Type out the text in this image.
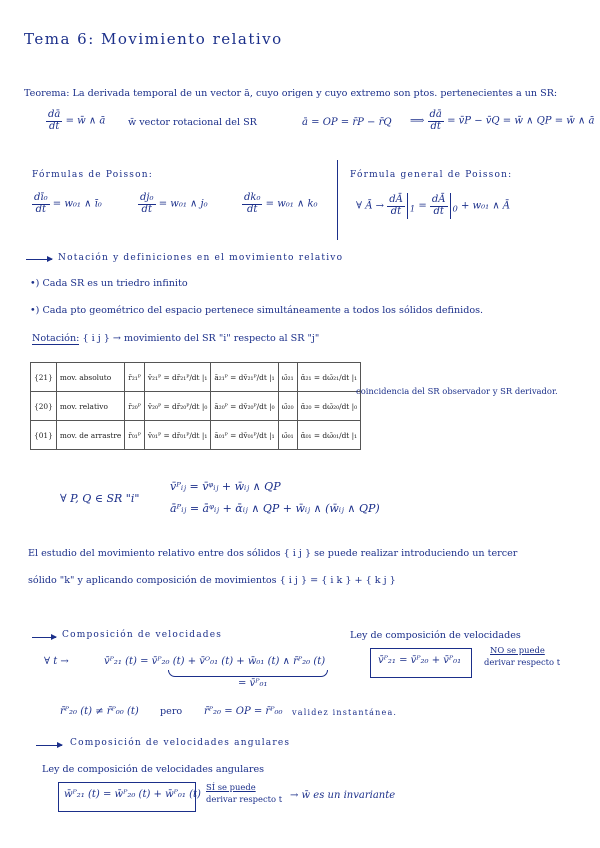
Tema 6: Movimiento relativo
Teorema: La derivada temporal de un vector ā, cuyo origen y cuyo extremo son ptos. pertenecientes a un SR:
$\frac{dā}{dt}$ = w̄ ∧ ā w̄ vector rotacional del SR	ā = OP = r̄P − r̄Q ⟹ $\frac{dā}{dt}$ = v̄P − v̄Q = w̄ ∧ QP = w̄ ∧ ā
Fórmulas de Poisson:
$\frac{\text{dī₀}}{dt} = w_{01}$ ∧ ī₀	$\frac{\text{dj₀}}{dt} = w_{01}$ ∧ j₀	$\frac{\text{dk₀}}{dt} = w_{01}$ ∧ k₀
Fórmula general de Poisson:
∀ Ā → $\frac{dĀ}{dt} _1 = \frac{dĀ}{dt} _0 + w_{01}$ ∧ Ā
Notación y definiciones en el movimiento relativo
•) Cada SR es un triedro infinito
•) Cada pto geométrico del espacio pertenece simultáneamente a todos los sólidos definidos.
Notación: { i j } → movimiento del SR "i" respecto al SR "j"
{21}	mov. absoluto	r̄₂₁ᴾ	v̄₂₁ᴾ = dr̄₂₁ᴾ/dt |₁	ā₂₁ᴾ = dv̄₂₁ᴾ/dt |₁	ω̄₂₁	ᾱ₂₁ = dω̄₂₁/dt |₁
{20}	mov. relativo	r̄₂₀ᴾ	v̄₂₀ᴾ = dr̄₂₀ᴾ/dt |₀	ā₂₀ᴾ = dv̄₂₀ᴾ/dt |₀	ω̄₂₀	ᾱ₂₀ = dω̄₂₀/dt |₀
{01}	mov. de arrastre	r̄₀₁ᴾ	v̄₀₁ᴾ = dr̄₀₁ᴾ/dt |₁	ā₀₁ᴾ = dv̄₀₁ᴾ/dt |₁	ω̄₀₁	ᾱ₀₁ = dω̄₀₁/dt |₁
coincidencia del SR observador y SR derivador.
∀ P, Q ∈ SR "i"
v̄ᴾᵢⱼ = v̄ᵠᵢⱼ + w̄ᵢⱼ ∧ QP
āᴾᵢⱼ = āᵠᵢⱼ + ᾱᵢⱼ ∧ QP + w̄ᵢⱼ ∧ (w̄ᵢⱼ ∧ QP)
El estudio del movimiento relativo entre dos sólidos { i j } se puede realizar introduciendo un tercer
sólido "k" y aplicando composición de movimientos { i j } = { i k } + { k j }
Composición de velocidades	Ley de composición de velocidades
∀ t →	v̄ᴾ₂₁ (t) = v̄ᴾ₂₀ (t) + v̄ᴼ₀₁ (t) + w̄₀₁ (t) ∧ r̄ᴾ₂₀ (t)
= v̄ᴾ₀₁
v̄ᴾ₂₁ = v̄ᴾ₂₀ + v̄ᴾ₀₁
NO se puede
derivar respecto t
r̄ᴾ₂₀ (t) ≠ r̄ᴾ₀₀ (t) pero r̄ᴾ₂₀ = OP = r̄ᴾ₀₀ validez instantánea.
Composición de velocidades angulares
Ley de composición de velocidades angulares
w̄ᴾ₂₁ (t) = w̄ᴾ₂₀ (t) + w̄ᴾ₀₁ (t)
SÍ se puede
derivar respecto t → w̄ es un invariante
